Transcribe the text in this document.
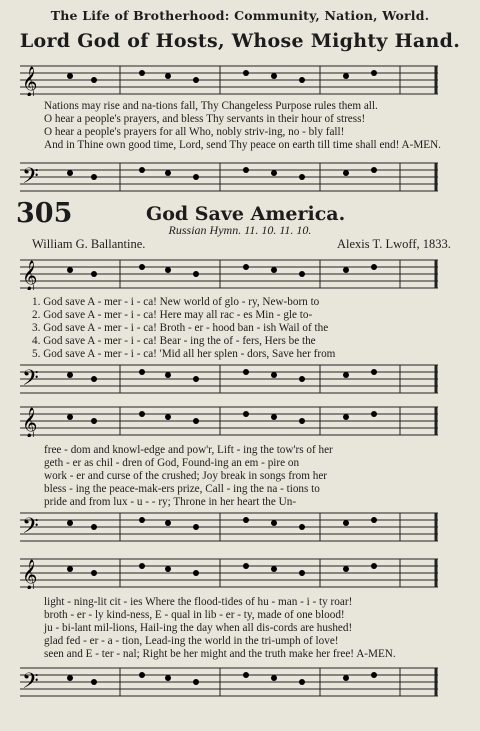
The Life of Brotherhood: Community, Nation, World.
Lord God of Hosts, Whose Mighty Hand.
𝄞
Nations may rise and na-tions fall, Thy Changeless Purpose rules them all.
O hear a people's prayers, and bless Thy servants in their hour of stress!
O hear a people's prayers for all Who, nobly striv-ing, no - bly fall!
And in Thine own good time, Lord, send Thy peace on earth till time shall end! A-MEN.
𝄢
305	God Save America.
Russian Hymn. 11. 10. 11. 10.
William G. Ballantine.	Alexis T. Lwoff, 1833.
𝄞
1. God save A - mer - i - ca! New world of glo - ry, New-born to
2. God save A - mer - i - ca! Here may all rac - es Min - gle to-
3. God save A - mer - i - ca! Broth - er - hood ban - ish Wail of the
4. God save A - mer - i - ca! Bear - ing the of - fers, Hers be the
5. God save A - mer - i - ca! 'Mid all her splen - dors, Save her from
𝄢
𝄞
free - dom and knowl-edge and pow'r, Lift - ing the tow'rs of her
geth - er as chil - dren of God, Found-ing an em - pire on
work - er and curse of the crushed; Joy break in songs from her
bless - ing the peace-mak-ers prize, Call - ing the na - tions to
pride and from lux - u - - ry; Throne in her heart the Un-
𝄢
𝄞
light - ning-lit cit - ies Where the flood-tides of hu - man - i - ty roar!
broth - er - ly kind-ness, E - qual in lib - er - ty, made of one blood!
ju - bi-lant mil-lions, Hail-ing the day when all dis-cords are hushed!
glad fed - er - a - tion, Lead-ing the world in the tri-umph of love!
seen and E - ter - nal; Right be her might and the truth make her free! A-MEN.
𝄢
